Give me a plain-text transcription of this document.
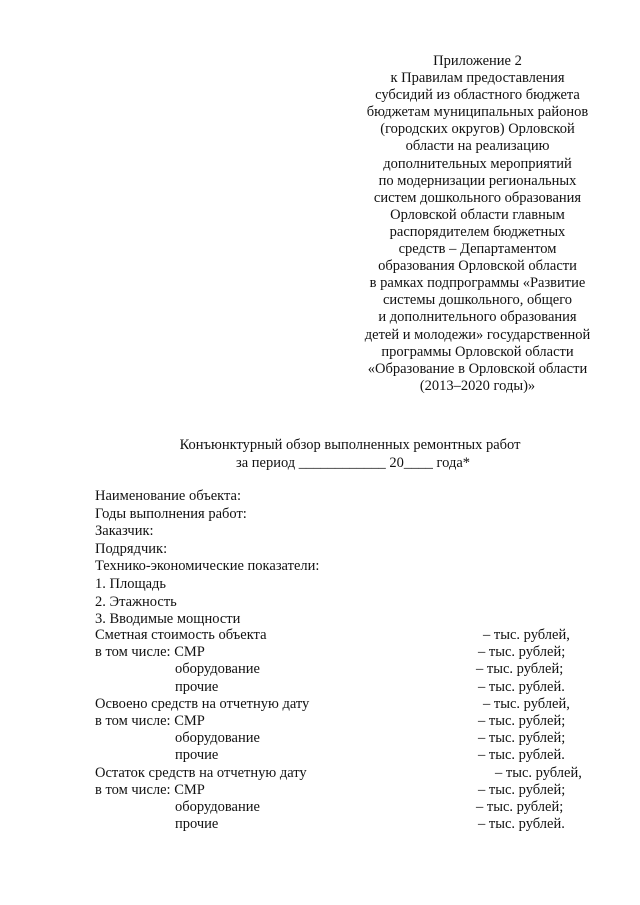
Приложение 2
к Правилам предоставления
субсидий из областного бюджета
бюджетам муниципальных районов
(городских округов) Орловской
области на реализацию
дополнительных мероприятий
по модернизации региональных
систем дошкольного образования
Орловской области главным
распорядителем бюджетных
средств – Департаментом
образования Орловской области
в рамках подпрограммы «Развитие
системы дошкольного, общего
и дополнительного образования
детей и молодежи» государственной
программы Орловской области
«Образование в Орловской области
(2013–2020 годы)»
Конъюнктурный обзор выполненных ремонтных работ
за период ____________ 20____ года*
Наименование объекта:
Годы выполнения работ:
Заказчик:
Подрядчик:
Технико-экономические показатели:
1. Площадь
2. Этажность
3. Вводимые мощности
Сметная стоимость объекта	– тыс. рублей,
в том числе: СМР	– тыс. рублей;
оборудование	– тыс. рублей;
прочие	– тыс. рублей.
Освоено средств на отчетную дату	– тыс. рублей,
в том числе: СМР	– тыс. рублей;
оборудование	– тыс. рублей;
прочие	– тыс. рублей.
Остаток средств на отчетную дату	– тыс. рублей,
в том числе: СМР	– тыс. рублей;
оборудование	– тыс. рублей;
прочие	– тыс. рублей.
